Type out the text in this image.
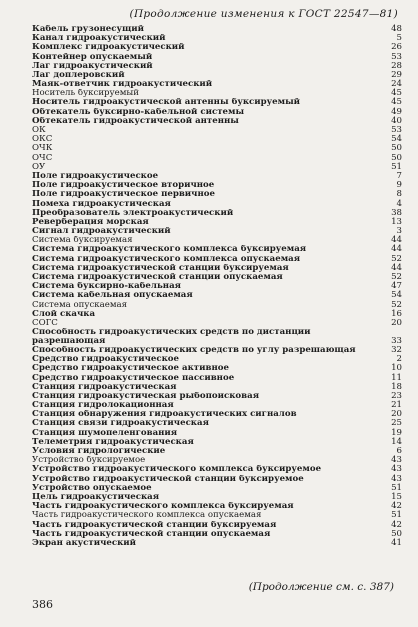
(Продолжение изменения к ГОСТ 22547—81)
Кабель грузонесущий	48
Канал гидроакустический	5
Комплекс гидроакустический	26
Контейнер опускаемый	53
Лаг гидроакустический	28
Лаг доплеровский	29
Маяк-ответчик гидроакустический	24
Носитель буксируемый	45
Носитель гидроакустической антенны буксируемый	45
Обтекатель буксирно-кабельной системы	49
Обтекатель гидроакустической антенны	40
ОК	53
ОКС	54
ОЧК	50
ОЧС	50
ОУ	51
Поле гидроакустическое	7
Поле гидроакустическое вторичное	9
Поле гидроакустическое первичное	8
Помеха гидроакустическая	4
Преобразователь электроакустический	38
Реверберация морская	13
Сигнал гидроакустический	3
Система буксируемая	44
Система гидроакустического комплекса буксируемая	44
Система гидроакустического комплекса опускаемая	52
Система гидроакустической станции буксируемая	44
Система гидроакустической станции опускаемая	52
Система буксирно-кабельная	47
Система кабельная опускаемая	54
Система опускаемая	52
Слой скачка	16
СОГС	20
Способность гидроакустических средств по дистанции
разрешающая	33
Способность гидроакустических средств по углу разрешающая	32
Средство гидроакустическое	2
Средство гидроакустическое активное	10
Средство гидроакустическое пассивное	11
Станция гидроакустическая	18
Станция гидроакустическая рыбопоисковая	23
Станция гидролокационная	21
Станция обнаружения гидроакустических сигналов	20
Станция связи гидроакустическая	25
Станция шумопеленгования	19
Телеметрия гидроакустическая	14
Условия гидрологические	6
Устройство буксируемое	43
Устройство гидроакустического комплекса буксируемое	43
Устройство гидроакустической станции буксируемое	43
Устройство опускаемое	51
Цель гидроакустическая	15
Часть гидроакустического комплекса буксируемая	42
Часть гидроакустического комплекса опускаемая	51
Часть гидроакустической станции буксируемая	42
Часть гидроакустической станции опускаемая	50
Экран акустический	41
(Продолжение см. с. 387)
386
